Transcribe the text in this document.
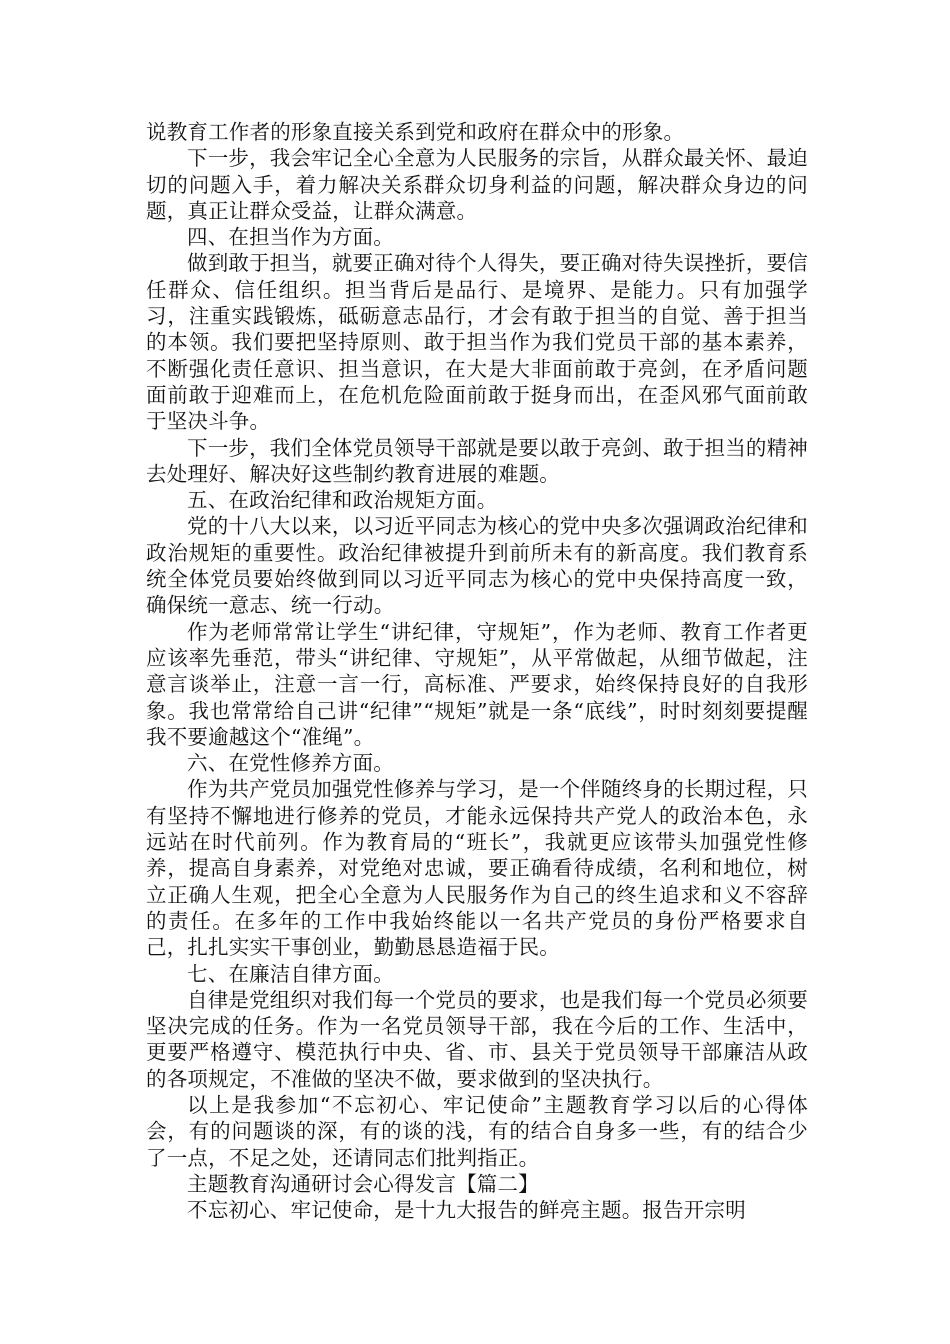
说教育工作者的形象直接关系到党和政府在群众中的形象。

下一步，我会牢记全心全意为人民服务的宗旨，从群众最关怀、最迫切的问题入手，着力解决关系群众切身利益的问题，解决群众身边的问题，真正让群众受益，让群众满意。

四、在担当作为方面。

做到敢于担当，就要正确对待个人得失，要正确对待失误挫折，要信任群众、信任组织。担当背后是品行、是境界、是能力。只有加强学习，注重实践锻炼，砥砺意志品行，才会有敢于担当的自觉、善于担当的本领。我们要把坚持原则、敢于担当作为我们党员干部的基本素养，不断强化责任意识、担当意识，在大是大非面前敢于亮剑，在矛盾问题面前敢于迎难而上，在危机危险面前敢于挺身而出，在歪风邪气面前敢于坚决斗争。

下一步，我们全体党员领导干部就是要以敢于亮剑、敢于担当的精神去处理好、解决好这些制约教育进展的难题。

五、在政治纪律和政治规矩方面。

党的十八大以来，以习近平同志为核心的党中央多次强调政治纪律和政治规矩的重要性。政治纪律被提升到前所未有的新高度。我们教育系统全体党员要始终做到同以习近平同志为核心的党中央保持高度一致，确保统一意志、统一行动。

作为老师常常让学生“讲纪律，守规矩”，作为老师、教育工作者更应该率先垂范，带头“讲纪律、守规矩”，从平常做起，从细节做起，注意言谈举止，注意一言一行，高标准、严要求，始终保持良好的自我形象。我也常常给自己讲“纪律”“规矩”就是一条“底线”，时时刻刻要提醒我不要逾越这个“准绳”。

六、在党性修养方面。

作为共产党员加强党性修养与学习，是一个伴随终身的长期过程，只有坚持不懈地进行修养的党员，才能永远保持共产党人的政治本色，永远站在时代前列。作为教育局的“班长”，我就更应该带头加强党性修养，提高自身素养，对党绝对忠诚，要正确看待成绩，名利和地位，树立正确人生观，把全心全意为人民服务作为自己的终生追求和义不容辞的责任。在多年的工作中我始终能以一名共产党员的身份严格要求自己，扎扎实实干事创业，勤勤恳恳造福于民。

七、在廉洁自律方面。

自律是党组织对我们每一个党员的要求，也是我们每一个党员必须要坚决完成的任务。作为一名党员领导干部，我在今后的工作、生活中，更要严格遵守、模范执行中央、省、市、县关于党员领导干部廉洁从政的各项规定，不准做的坚决不做，要求做到的坚决执行。

以上是我参加“不忘初心、牢记使命”主题教育学习以后的心得体会，有的问题谈的深，有的谈的浅，有的结合自身多一些，有的结合少了一点，不足之处，还请同志们批判指正。

主题教育沟通研讨会心得发言【篇二】

不忘初心、牢记使命，是十九大报告的鲜亮主题。报告开宗明
